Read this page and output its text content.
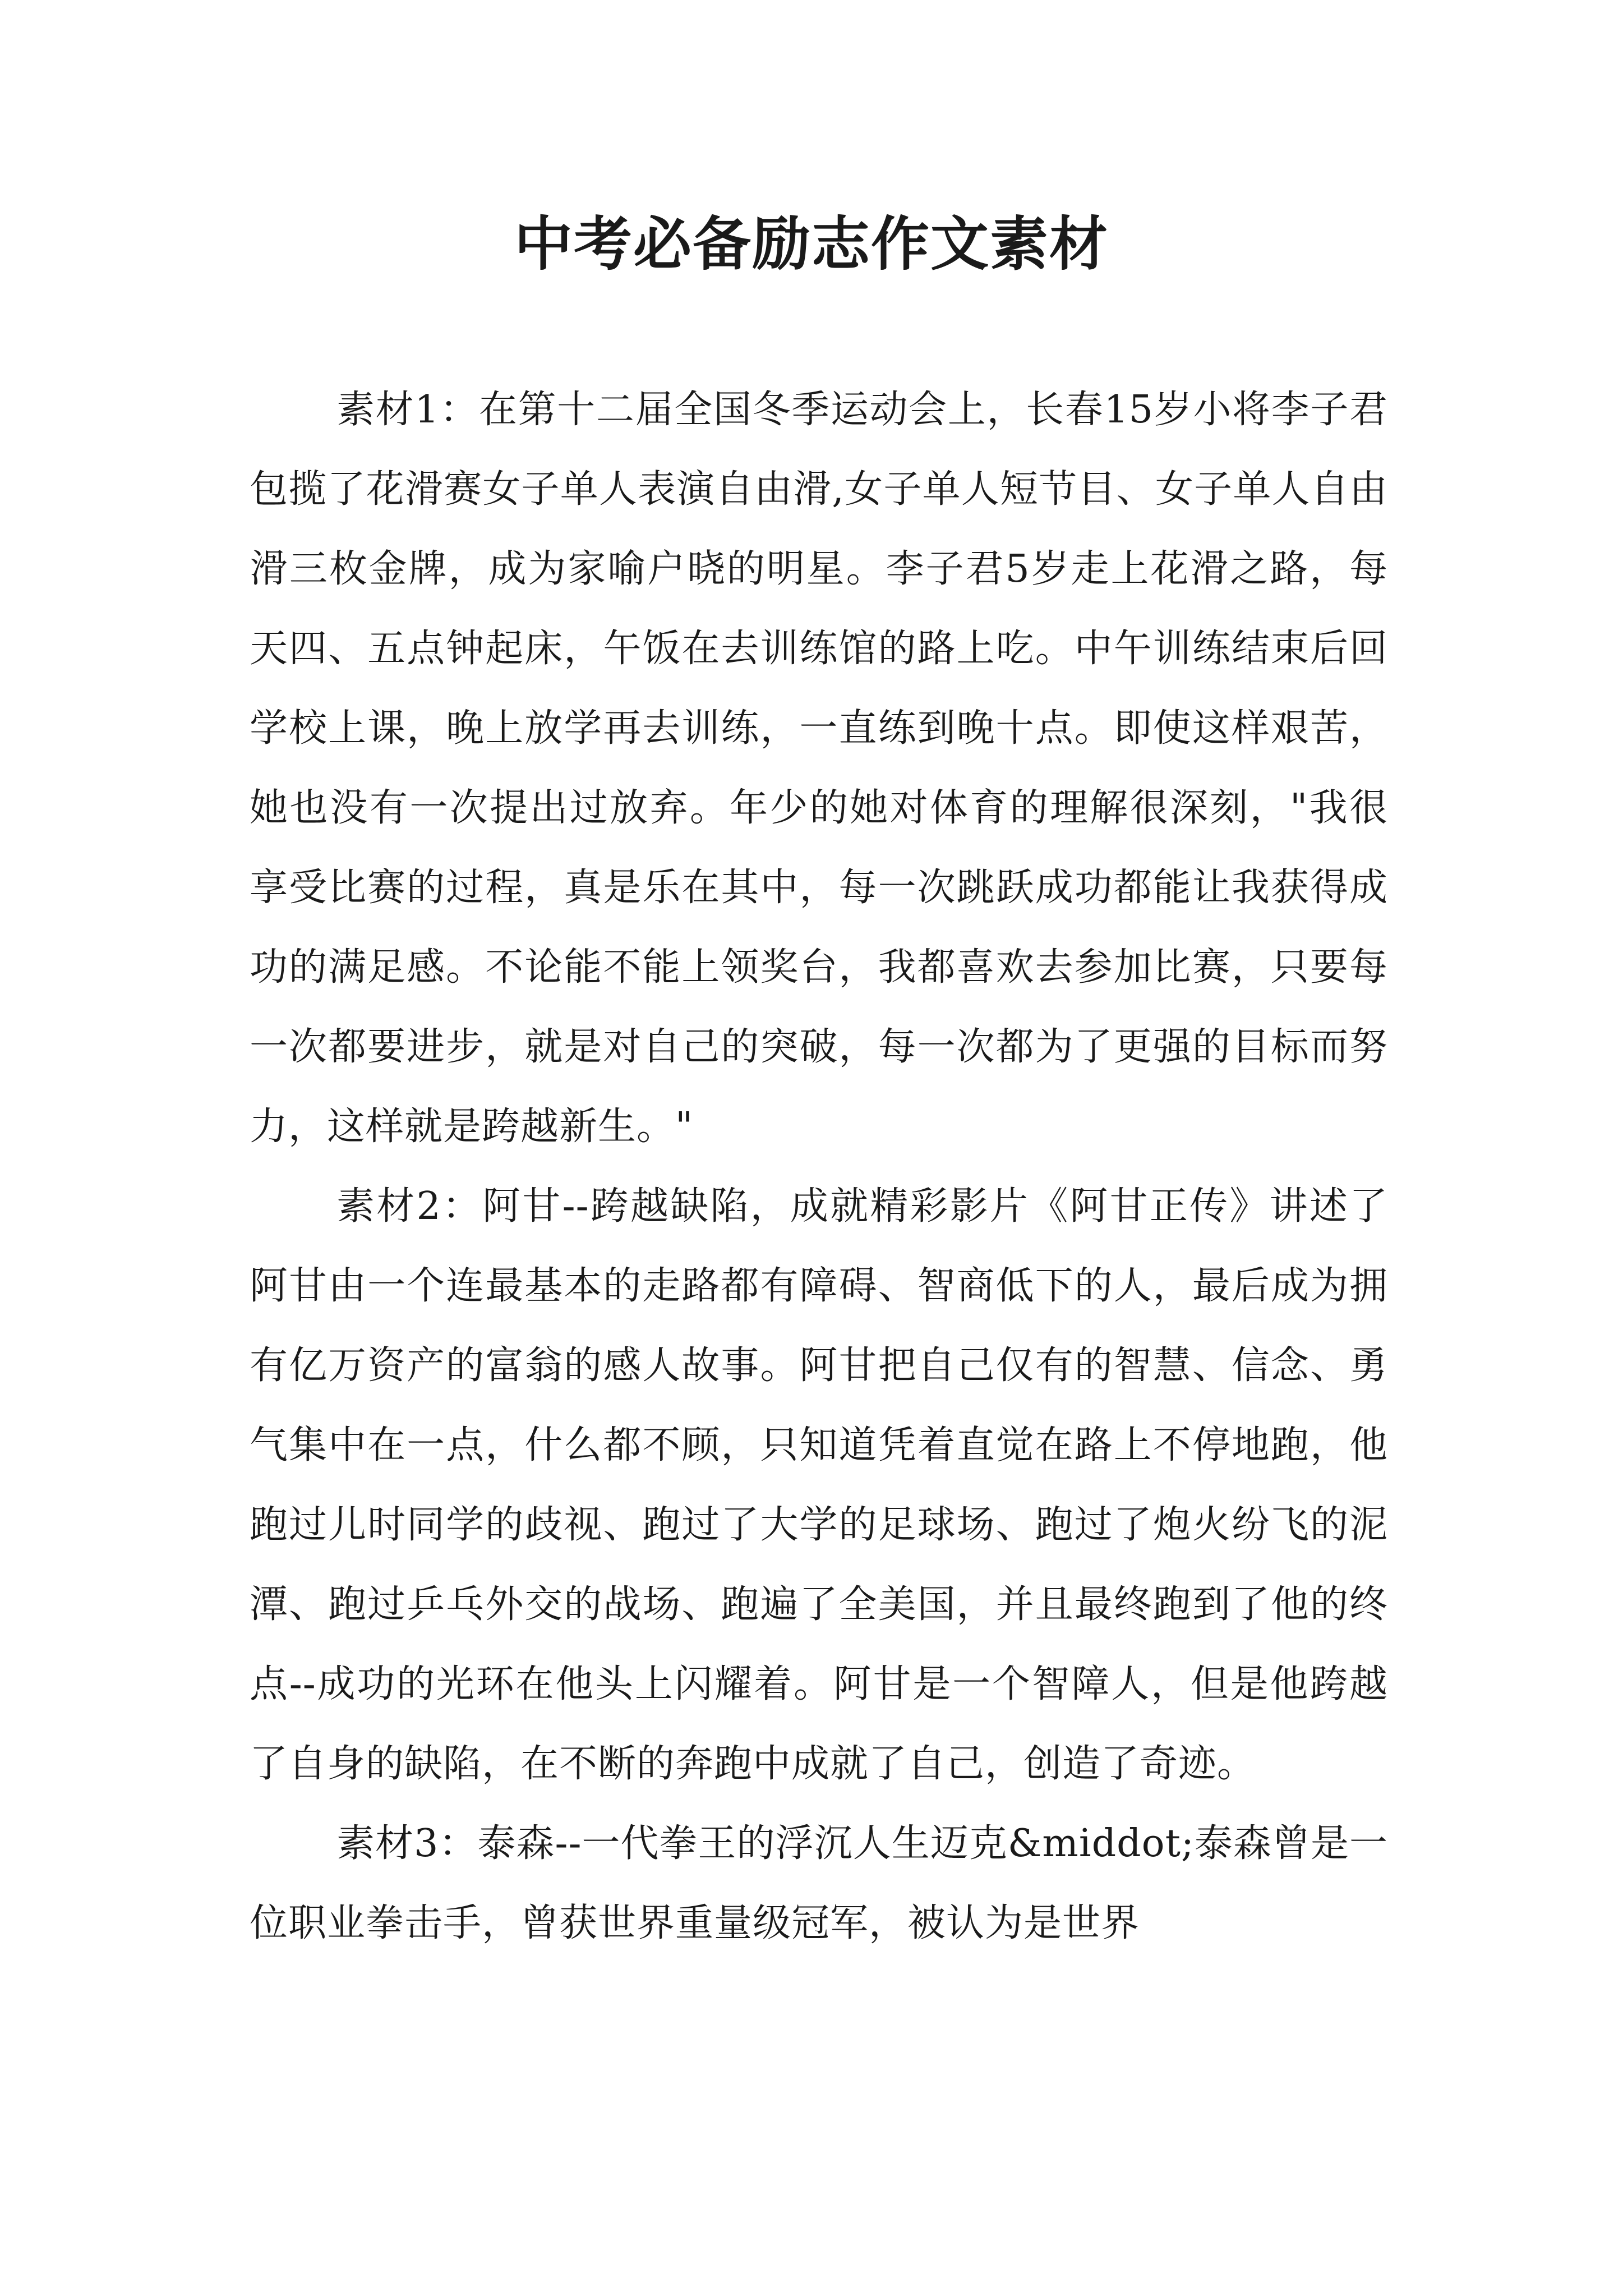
中考必备励志作文素材

素材1：在第十二届全国冬季运动会上，长春15岁小将李子君包揽了花滑赛女子单人表演自由滑,女子单人短节目、女子单人自由滑三枚金牌，成为家喻户晓的明星。李子君5岁走上花滑之路，每天四、五点钟起床，午饭在去训练馆的路上吃。中午训练结束后回学校上课，晚上放学再去训练，一直练到晚十点。即使这样艰苦，她也没有一次提出过放弃。年少的她对体育的理解很深刻，"我很享受比赛的过程，真是乐在其中，每一次跳跃成功都能让我获得成功的满足感。不论能不能上领奖台，我都喜欢去参加比赛，只要每一次都要进步，就是对自己的突破，每一次都为了更强的目标而努力，这样就是跨越新生。"

素材2：阿甘--跨越缺陷，成就精彩影片《阿甘正传》讲述了阿甘由一个连最基本的走路都有障碍、智商低下的人，最后成为拥有亿万资产的富翁的感人故事。阿甘把自己仅有的智慧、信念、勇气集中在一点，什么都不顾，只知道凭着直觉在路上不停地跑，他跑过儿时同学的歧视、跑过了大学的足球场、跑过了炮火纷飞的泥潭、跑过乒乓外交的战场、跑遍了全美国，并且最终跑到了他的终点--成功的光环在他头上闪耀着。阿甘是一个智障人，但是他跨越了自身的缺陷，在不断的奔跑中成就了自己，创造了奇迹。

素材3：泰森--一代拳王的浮沉人生迈克&middot;泰森曾是一位职业拳击手，曾获世界重量级冠军，被认为是世界
